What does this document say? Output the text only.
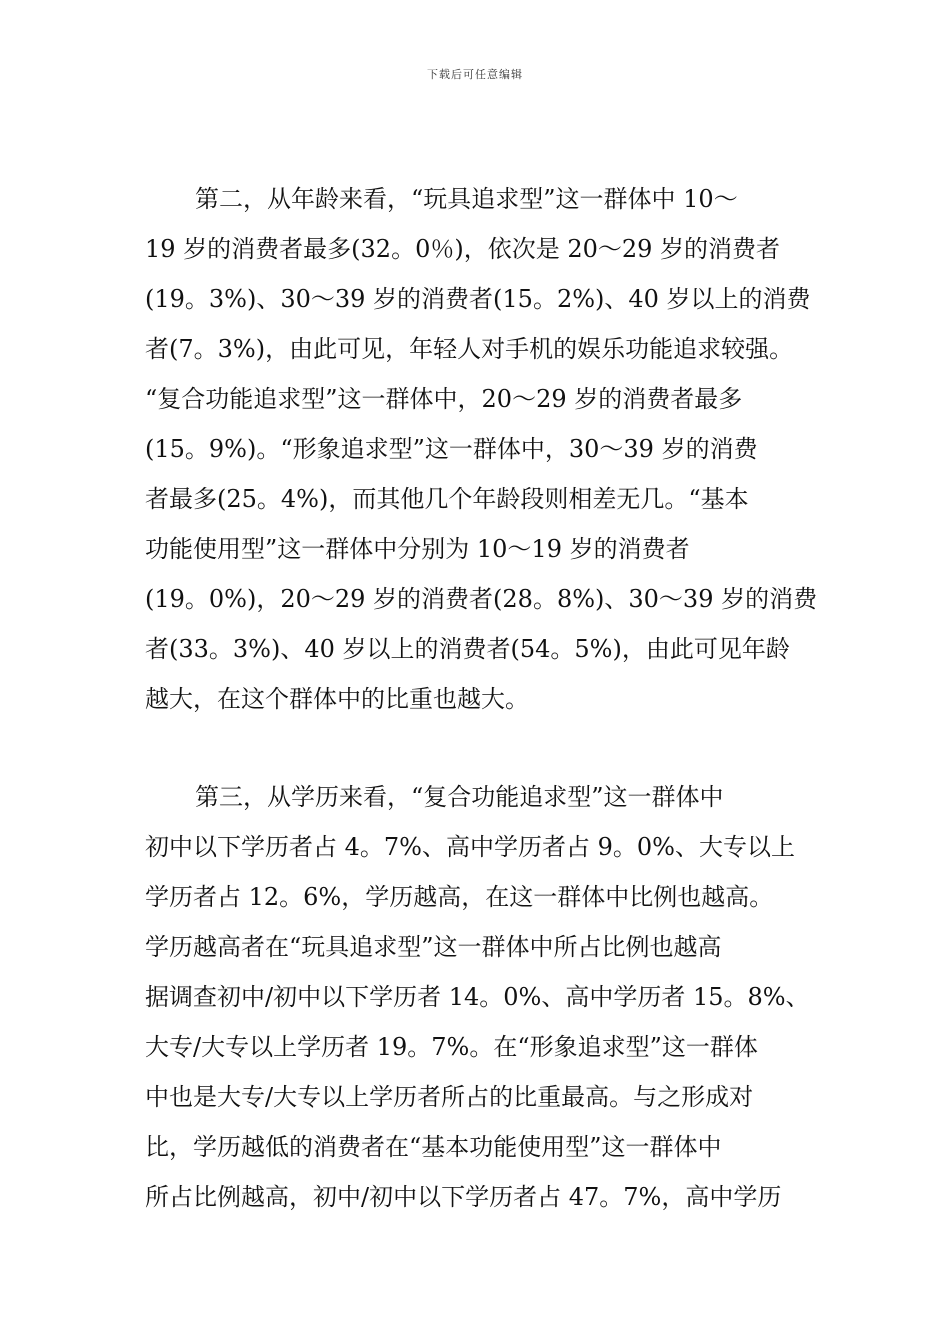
下载后可任意编辑
第二，从年龄来看，“玩具追求型”这一群体中 10～
19 岁的消费者最多(32。0％)，依次是 20～29 岁的消费者
(19。3%)、30～39 岁的消费者(15。2%)、40 岁以上的消费
者(7。3%)，由此可见，年轻人对手机的娱乐功能追求较强。
“复合功能追求型”这一群体中，20～29 岁的消费者最多
(15。9%)。“形象追求型”这一群体中，30～39 岁的消费
者最多(25。4%)，而其他几个年龄段则相差无几。“基本
功能使用型”这一群体中分别为 10～19 岁的消费者
(19。0%)，20～29 岁的消费者(28。8%)、30～39 岁的消费
者(33。3%)、40 岁以上的消费者(54。5%)，由此可见年龄
越大，在这个群体中的比重也越大。
第三，从学历来看，“复合功能追求型”这一群体中
初中以下学历者占 4。7%、高中学历者占 9。0%、大专以上
学历者占 12。6%，学历越高，在这一群体中比例也越高。
学历越高者在“玩具追求型”这一群体中所占比例也越高
据调查初中/初中以下学历者 14。0%、高中学历者 15。8%、
大专/大专以上学历者 19。7%。在“形象追求型”这一群体
中也是大专/大专以上学历者所占的比重最高。与之形成对
比，学历越低的消费者在“基本功能使用型”这一群体中
所占比例越高，初中/初中以下学历者占 47。7%，高中学历
